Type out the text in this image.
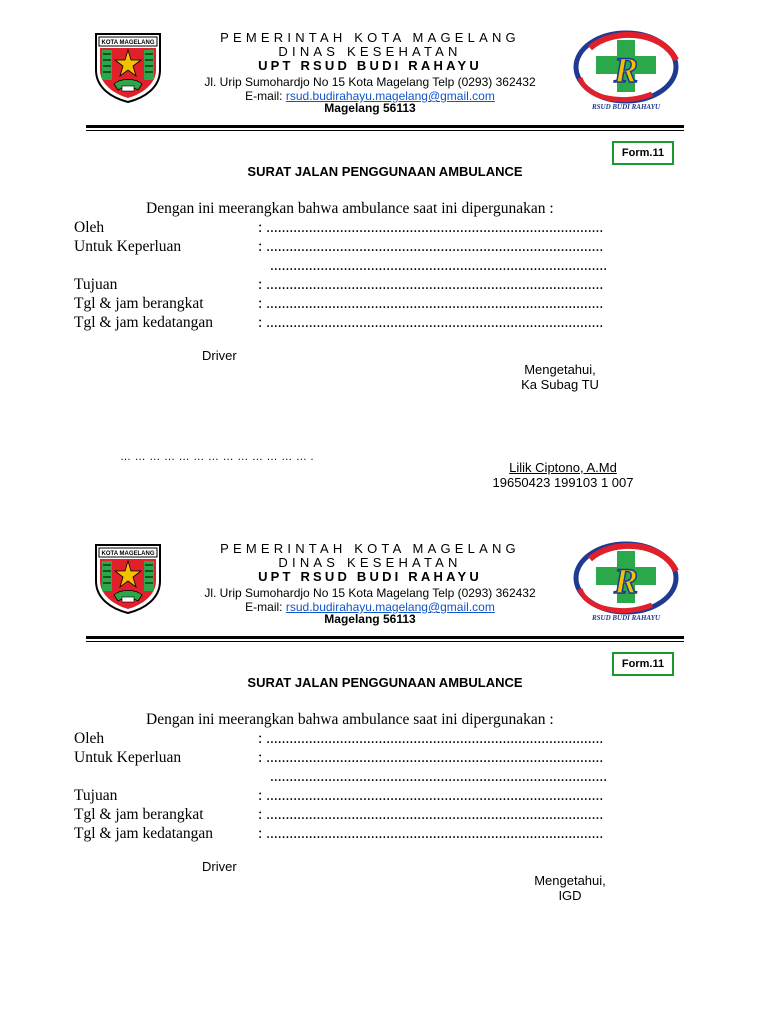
KOTA MAGELANG	PEMERINTAH KOTA MAGELANG
DINAS KESEHATAN
UPT RSUD BUDI RAHAYU
Jl. Urip Sumohardjo No 15 Kota Magelang Telp (0293) 362432
E-mail: rsud.budirahayu.magelang@gmail.com
Magelang 56113
R
RSUD BUDI RAHAYU
Form.11
SURAT JALAN PENGGUNAAN AMBULANCE
Dengan ini meerangkan bahwa ambulance saat ini dipergunakan :
Oleh	: .......................................................................................
Untuk Keperluan	: .......................................................................................
.......................................................................................
Tujuan	: .......................................................................................
Tgl & jam berangkat	: .......................................................................................
Tgl & jam kedatangan	: .......................................................................................
Driver
Mengetahui,
Ka Subag TU
… … … … … … … … … … … … … .
Lilik Ciptono, A.Md
19650423 199103 1 007
KOTA MAGELANG	PEMERINTAH KOTA MAGELANG
DINAS KESEHATAN
UPT RSUD BUDI RAHAYU
Jl. Urip Sumohardjo No 15 Kota Magelang Telp (0293) 362432
E-mail: rsud.budirahayu.magelang@gmail.com
Magelang 56113
R
RSUD BUDI RAHAYU
Form.11
SURAT JALAN PENGGUNAAN AMBULANCE
Dengan ini meerangkan bahwa ambulance saat ini dipergunakan :
Oleh	: .......................................................................................
Untuk Keperluan	: .......................................................................................
.......................................................................................
Tujuan	: .......................................................................................
Tgl & jam berangkat	: .......................................................................................
Tgl & jam kedatangan	: .......................................................................................
Driver
Mengetahui,
IGD
